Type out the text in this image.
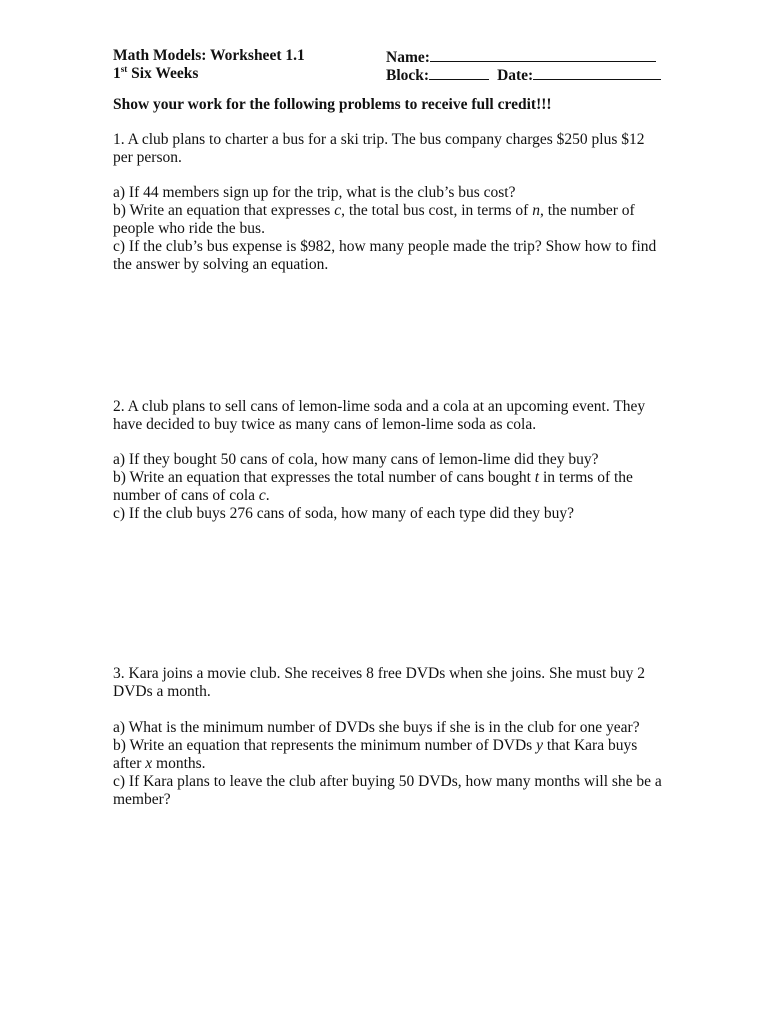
Math Models: Worksheet 1.1
1st Six Weeks
Name:
Block:	Date:
Show your work for the following problems to receive full credit!!!

1. A club plans to charter a bus for a ski trip. The bus company charges $250 plus $12

per person.

a) If 44 members sign up for the trip, what is the club’s bus cost?

b) Write an equation that expresses c, the total bus cost, in terms of n, the number of

people who ride the bus.

c) If the club’s bus expense is $982, how many people made the trip? Show how to find

the answer by solving an equation.

2. A club plans to sell cans of lemon-lime soda and a cola at an upcoming event. They

have decided to buy twice as many cans of lemon-lime soda as cola.

a) If they bought 50 cans of cola, how many cans of lemon-lime did they buy?

b) Write an equation that expresses the total number of cans bought t in terms of the

number of cans of cola c.

c) If the club buys 276 cans of soda, how many of each type did they buy?

3. Kara joins a movie club. She receives 8 free DVDs when she joins. She must buy 2

DVDs a month.

a) What is the minimum number of DVDs she buys if she is in the club for one year?

b) Write an equation that represents the minimum number of DVDs y that Kara buys

after x months.

c) If Kara plans to leave the club after buying 50 DVDs, how many months will she be a

member?
